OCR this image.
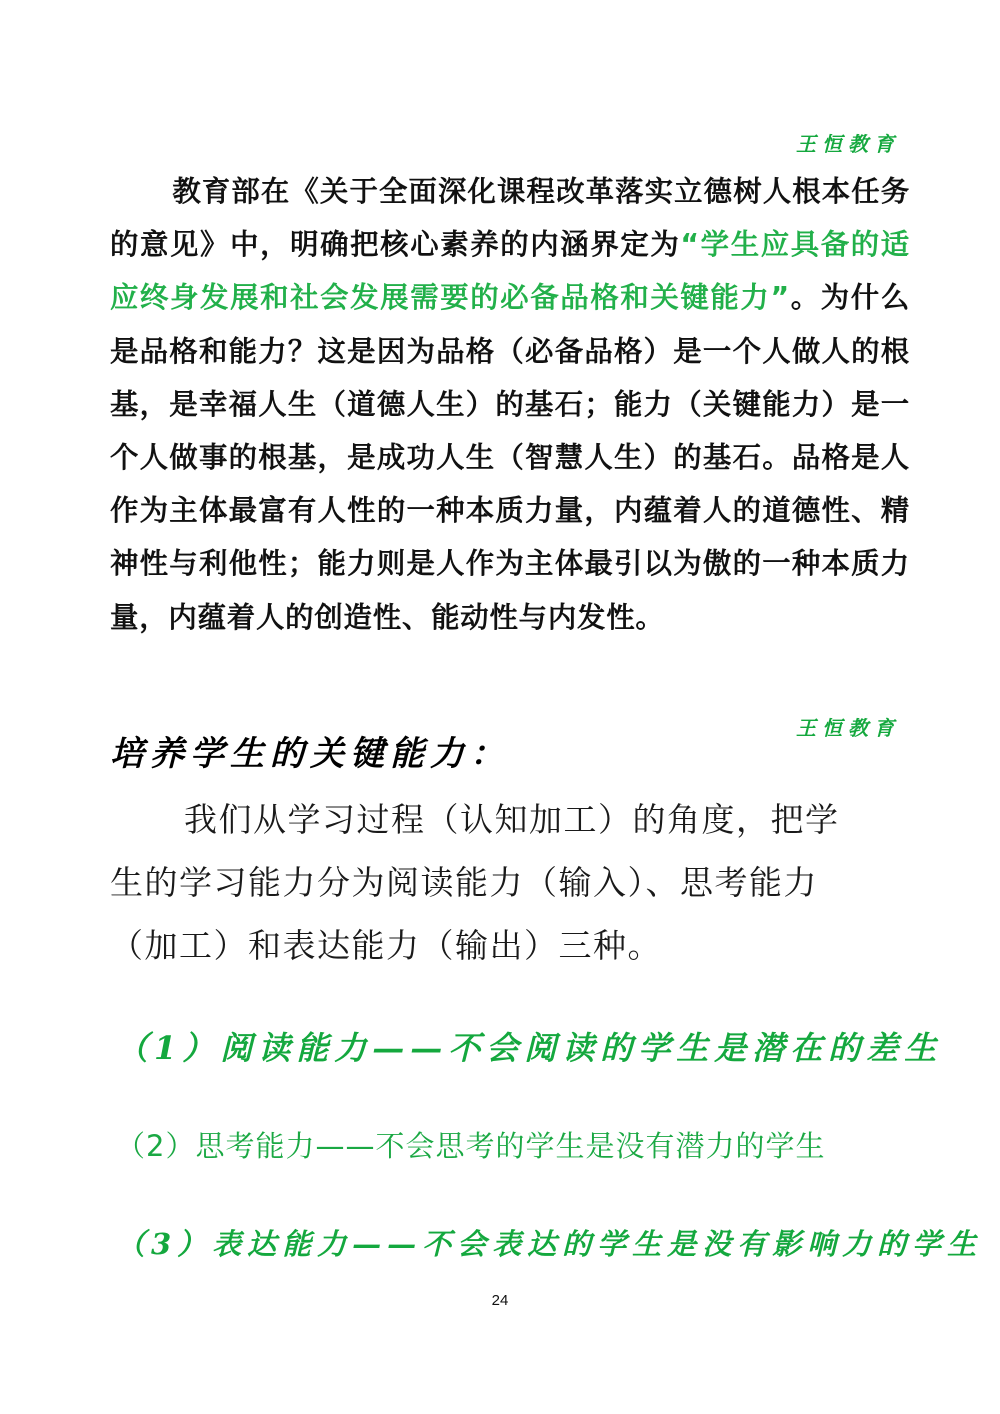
王恒教育
教育部在《关于全面深化课程改革落实立德树人根本任务的意见》中，明确把核心素养的内涵界定为“学生应具备的适应终身发展和社会发展需要的必备品格和关键能力”。为什么是品格和能力？这是因为品格（必备品格）是一个人做人的根基，是幸福人生（道德人生）的基石；能力（关键能力）是一个人做事的根基，是成功人生（智慧人生）的基石。品格是人作为主体最富有人性的一种本质力量，内蕴着人的道德性、精神性与利他性；能力则是人作为主体最引以为傲的一种本质力量，内蕴着人的创造性、能动性与内发性。
王恒教育
培养学生的关键能力：
我们从学习过程（认知加工）的角度，把学生的学习能力分为阅读能力（输入）、思考能力（加工）和表达能力（输出）三种。
（1）阅读能力——不会阅读的学生是潜在的差生
（2）思考能力——不会思考的学生是没有潜力的学生
（3）表达能力——不会表达的学生是没有影响力的学生
24
